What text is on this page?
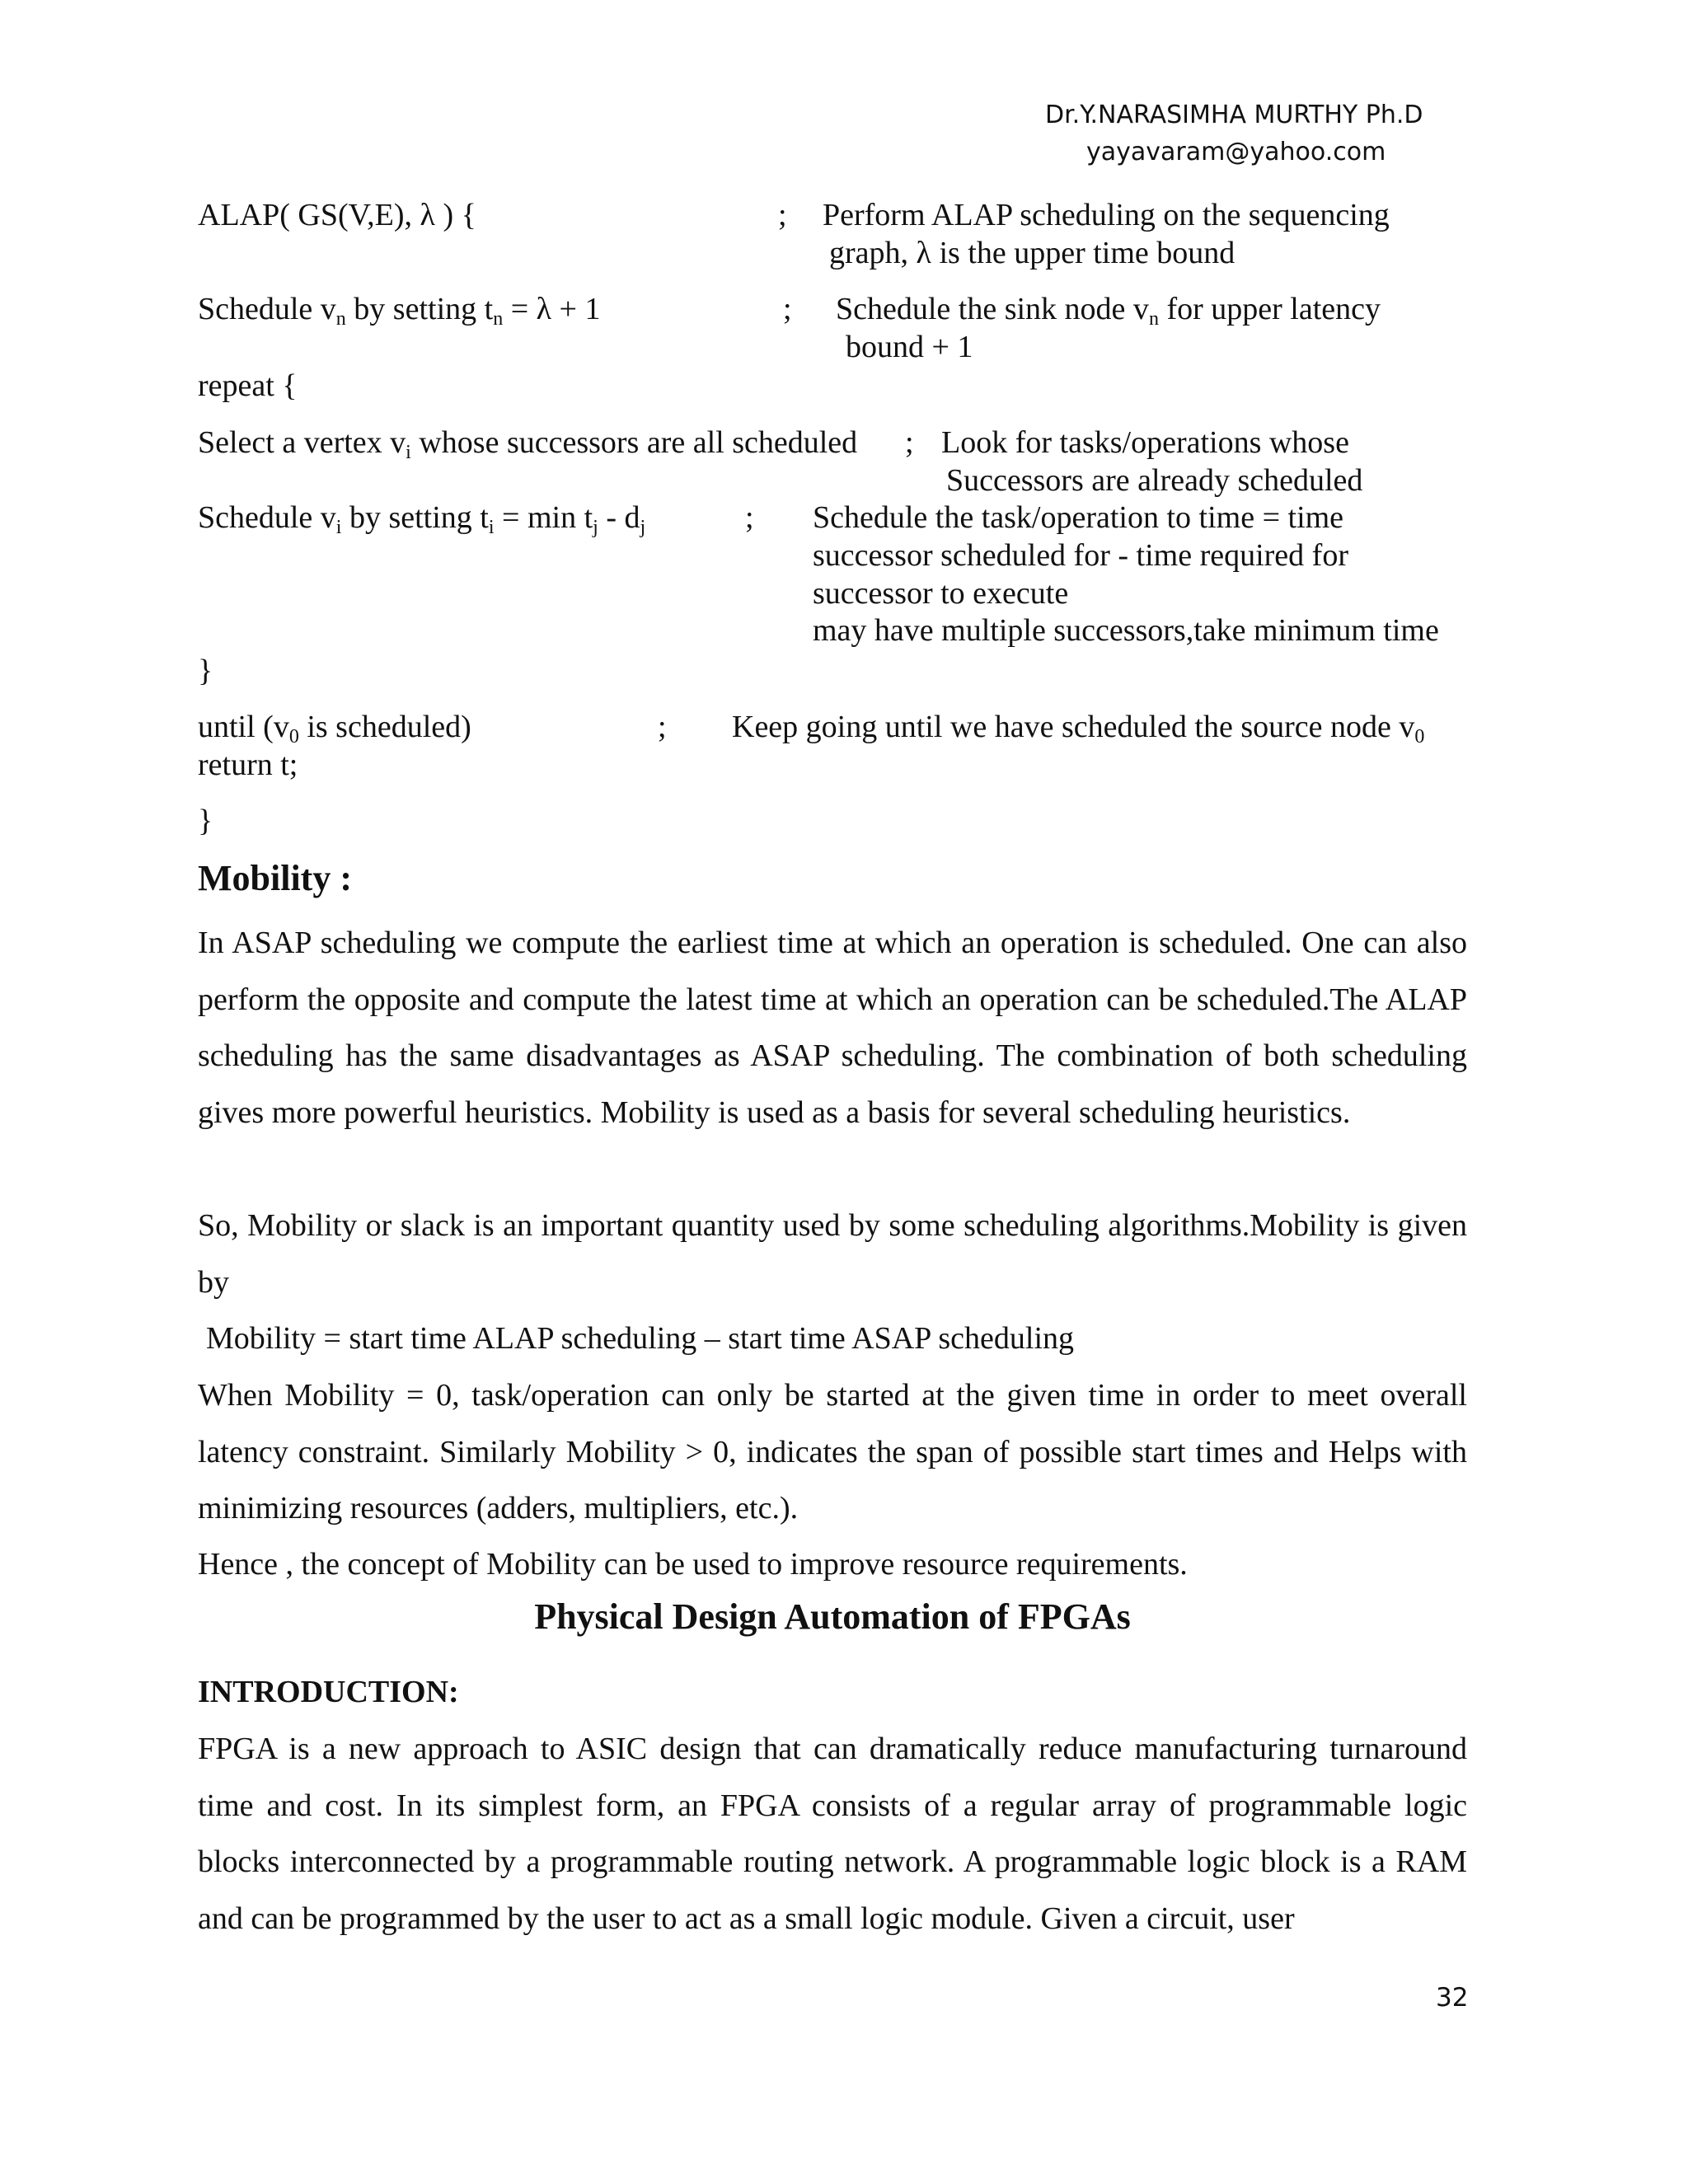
Dr.Y.NARASIMHA MURTHY Ph.D
yayavaram@yahoo.com
ALAP( GS(V,E), λ ) {	; Perform ALAP scheduling on the sequencing
graph, λ is the upper time bound
Schedule $v_n$ by setting $t_n = \lambda + 1$	; Schedule the sink node $v_n$ for upper latency
bound + 1
repeat {
Select a vertex $v_i$ whose successors are all scheduled ; Look for tasks/operations whose
Successors are already scheduled
Schedule $v_i$ by setting $t_i = \min t_j - d_j$	; Schedule the task/operation to time = time
successor scheduled for - time required for
successor to execute
may have multiple successors,take minimum time
}
until ($v_0$ is scheduled)	; Keep going until we have scheduled the source node $v_0$
return t;
}
Mobility :
In ASAP scheduling we compute the earliest time at which an operation is scheduled. One can also perform the opposite and compute the latest time at which an operation can be scheduled.The ALAP scheduling has the same disadvantages as ASAP scheduling. The combination of both scheduling gives more powerful heuristics. Mobility is used as a basis for several scheduling heuristics.
So, Mobility or slack is an important quantity used by some scheduling algorithms.Mobility is given by
Mobility = start time ALAP scheduling – start time ASAP scheduling
When Mobility = 0, task/operation can only be started at the given time in order to meet overall latency constraint. Similarly Mobility > 0, indicates the span of possible start times and Helps with minimizing resources (adders, multipliers, etc.).
Hence , the concept of Mobility can be used to improve resource requirements.
Physical Design Automation of FPGAs
INTRODUCTION:
FPGA is a new approach to ASIC design that can dramatically reduce manufacturing turnaround time and cost. In its simplest form, an FPGA consists of a regular array of programmable logic blocks interconnected by a programmable routing network. A programmable logic block is a RAM and can be programmed by the user to act as a small logic module. Given a circuit, user
32
